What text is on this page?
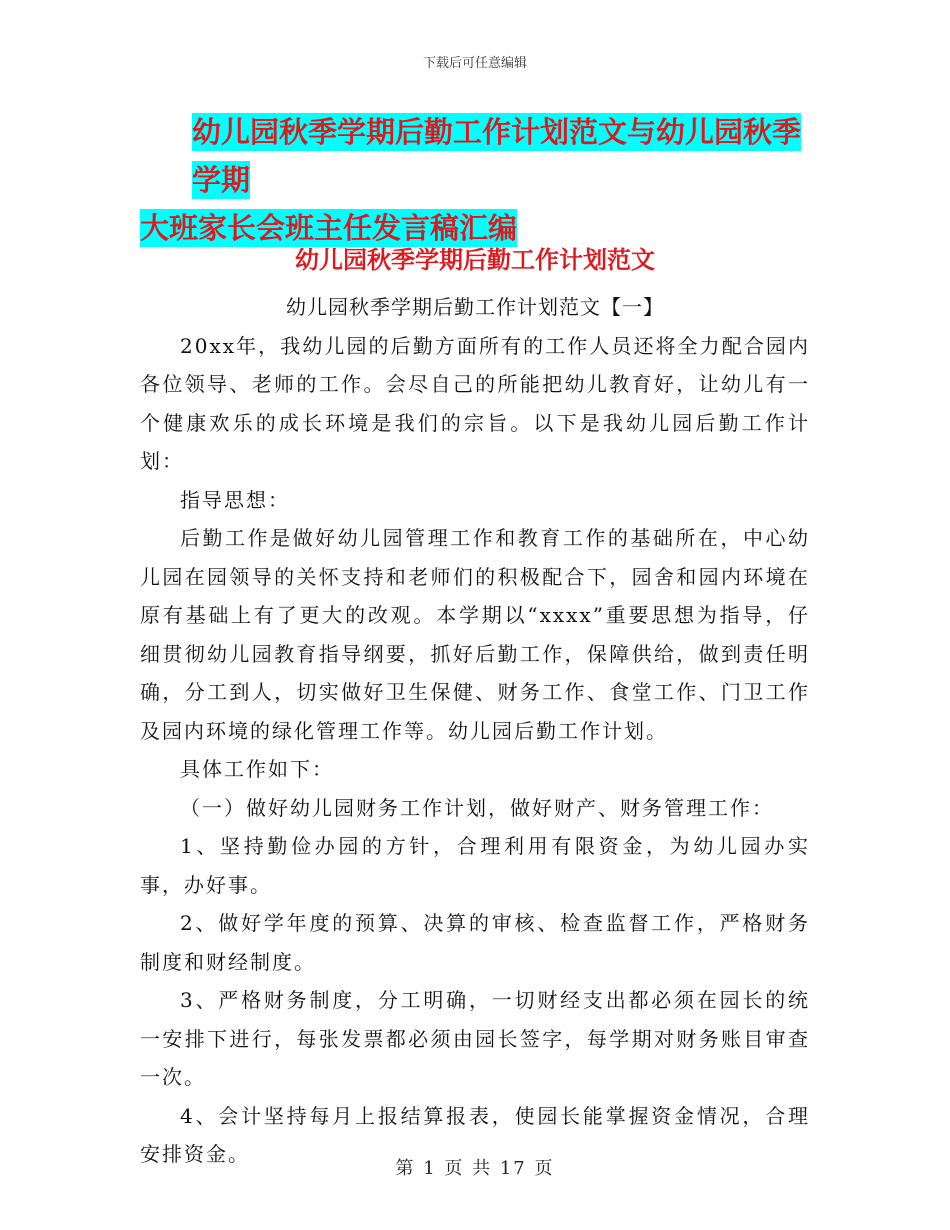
下载后可任意编辑
幼儿园秋季学期后勤工作计划范文与幼儿园秋季学期
大班家长会班主任发言稿汇编
幼儿园秋季学期后勤工作计划范文

幼儿园秋季学期后勤工作计划范文【一】

20xx年，我幼儿园的后勤方面所有的工作人员还将全力配合园内各位领导、老师的工作。会尽自己的所能把幼儿教育好，让幼儿有一个健康欢乐的成长环境是我们的宗旨。以下是我幼儿园后勤工作计划：

指导思想：

后勤工作是做好幼儿园管理工作和教育工作的基础所在，中心幼儿园在园领导的关怀支持和老师们的积极配合下，园舍和园内环境在原有基础上有了更大的改观。本学期以“xxxx”重要思想为指导，仔细贯彻幼儿园教育指导纲要，抓好后勤工作，保障供给，做到责任明确，分工到人，切实做好卫生保健、财务工作、食堂工作、门卫工作及园内环境的绿化管理工作等。幼儿园后勤工作计划。

具体工作如下：

（一）做好幼儿园财务工作计划，做好财产、财务管理工作：

1、坚持勤俭办园的方针，合理利用有限资金，为幼儿园办实事，办好事。

2、做好学年度的预算、决算的审核、检查监督工作，严格财务制度和财经制度。

3、严格财务制度，分工明确，一切财经支出都必须在园长的统一安排下进行，每张发票都必须由园长签字，每学期对财务账目审查一次。

4、会计坚持每月上报结算报表，使园长能掌握资金情况，合理安排资金。

第 1 页 共 17 页
